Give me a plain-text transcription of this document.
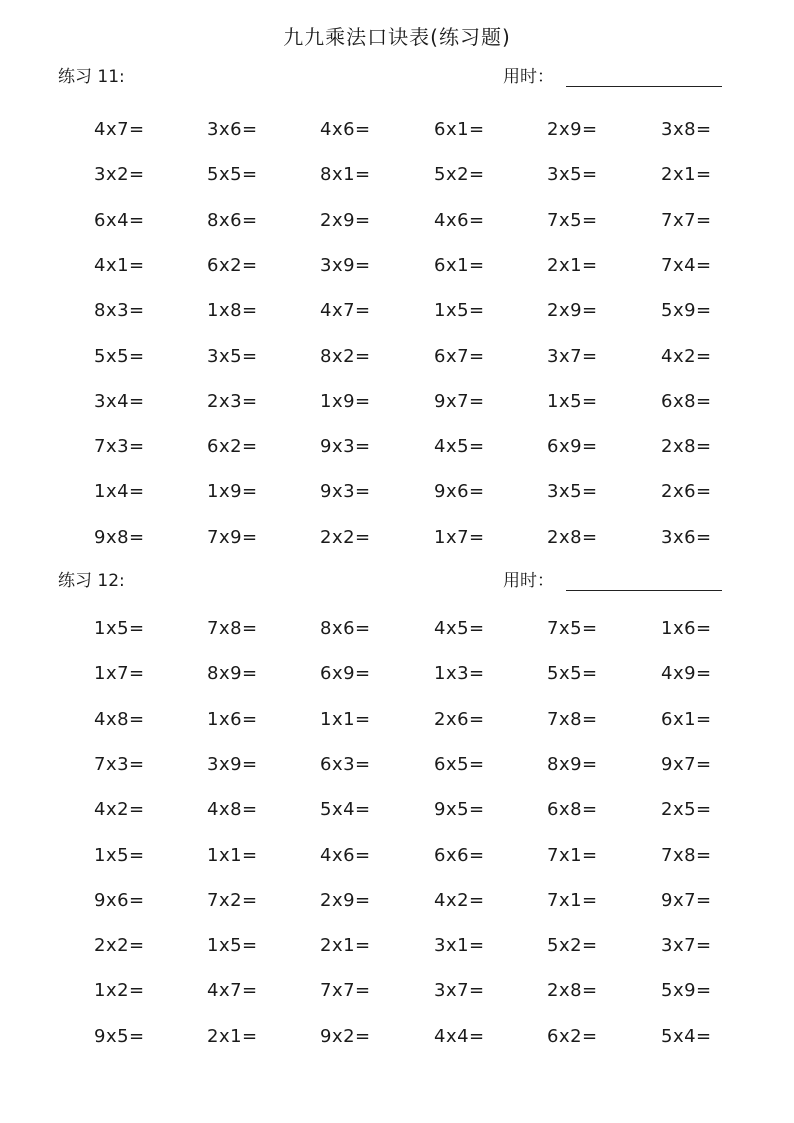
九九乘法口诀表(练习题)
练习 11:	用时：
4x7=	3x6=	4x6=	6x1=	2x9=	3x8=
3x2=	5x5=	8x1=	5x2=	3x5=	2x1=
6x4=	8x6=	2x9=	4x6=	7x5=	7x7=
4x1=	6x2=	3x9=	6x1=	2x1=	7x4=
8x3=	1x8=	4x7=	1x5=	2x9=	5x9=
5x5=	3x5=	8x2=	6x7=	3x7=	4x2=
3x4=	2x3=	1x9=	9x7=	1x5=	6x8=
7x3=	6x2=	9x3=	4x5=	6x9=	2x8=
1x4=	1x9=	9x3=	9x6=	3x5=	2x6=
9x8=	7x9=	2x2=	1x7=	2x8=	3x6=
练习 12:	用时：
1x5=	7x8=	8x6=	4x5=	7x5=	1x6=
1x7=	8x9=	6x9=	1x3=	5x5=	4x9=
4x8=	1x6=	1x1=	2x6=	7x8=	6x1=
7x3=	3x9=	6x3=	6x5=	8x9=	9x7=
4x2=	4x8=	5x4=	9x5=	6x8=	2x5=
1x5=	1x1=	4x6=	6x6=	7x1=	7x8=
9x6=	7x2=	2x9=	4x2=	7x1=	9x7=
2x2=	1x5=	2x1=	3x1=	5x2=	3x7=
1x2=	4x7=	7x7=	3x7=	2x8=	5x9=
9x5=	2x1=	9x2=	4x4=	6x2=	5x4=
